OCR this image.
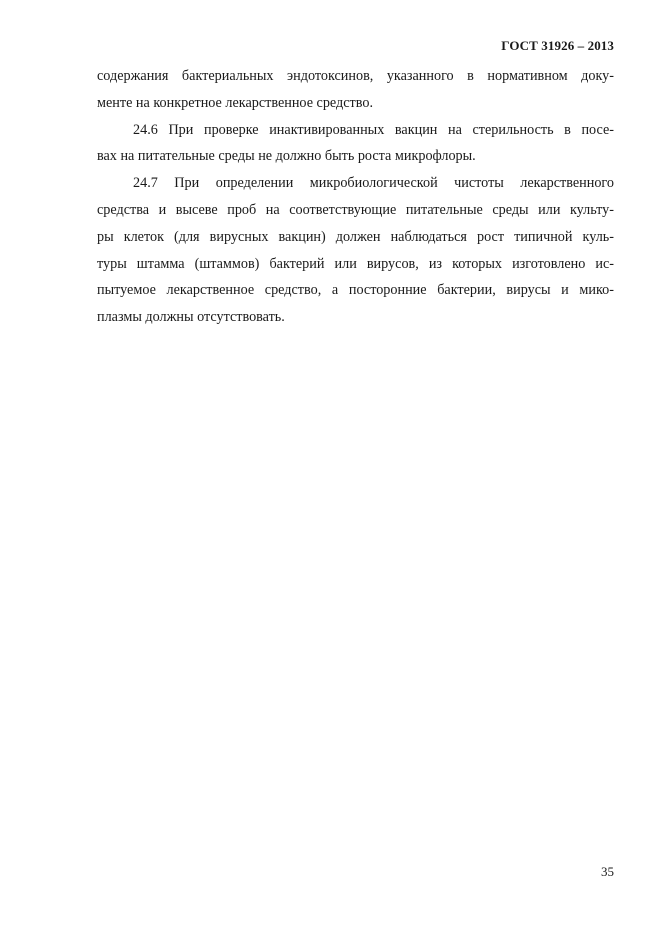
ГОСТ 31926 – 2013
содержания бактериальных эндотоксинов, указанного в нормативном доку-
менте на конкретное лекарственное средство.
24.6 При проверке инактивированных вакцин на стерильность в посе-
вах на питательные среды не должно быть роста микрофлоры.
24.7 При определении микробиологической чистоты лекарственного
средства и высеве проб на соответствующие питательные среды или культу-
ры клеток (для вирусных вакцин) должен наблюдаться рост типичной куль-
туры штамма (штаммов) бактерий или вирусов, из которых изготовлено ис-
пытуемое лекарственное средство, а посторонние бактерии, вирусы и мико-
плазмы должны отсутствовать.
35
